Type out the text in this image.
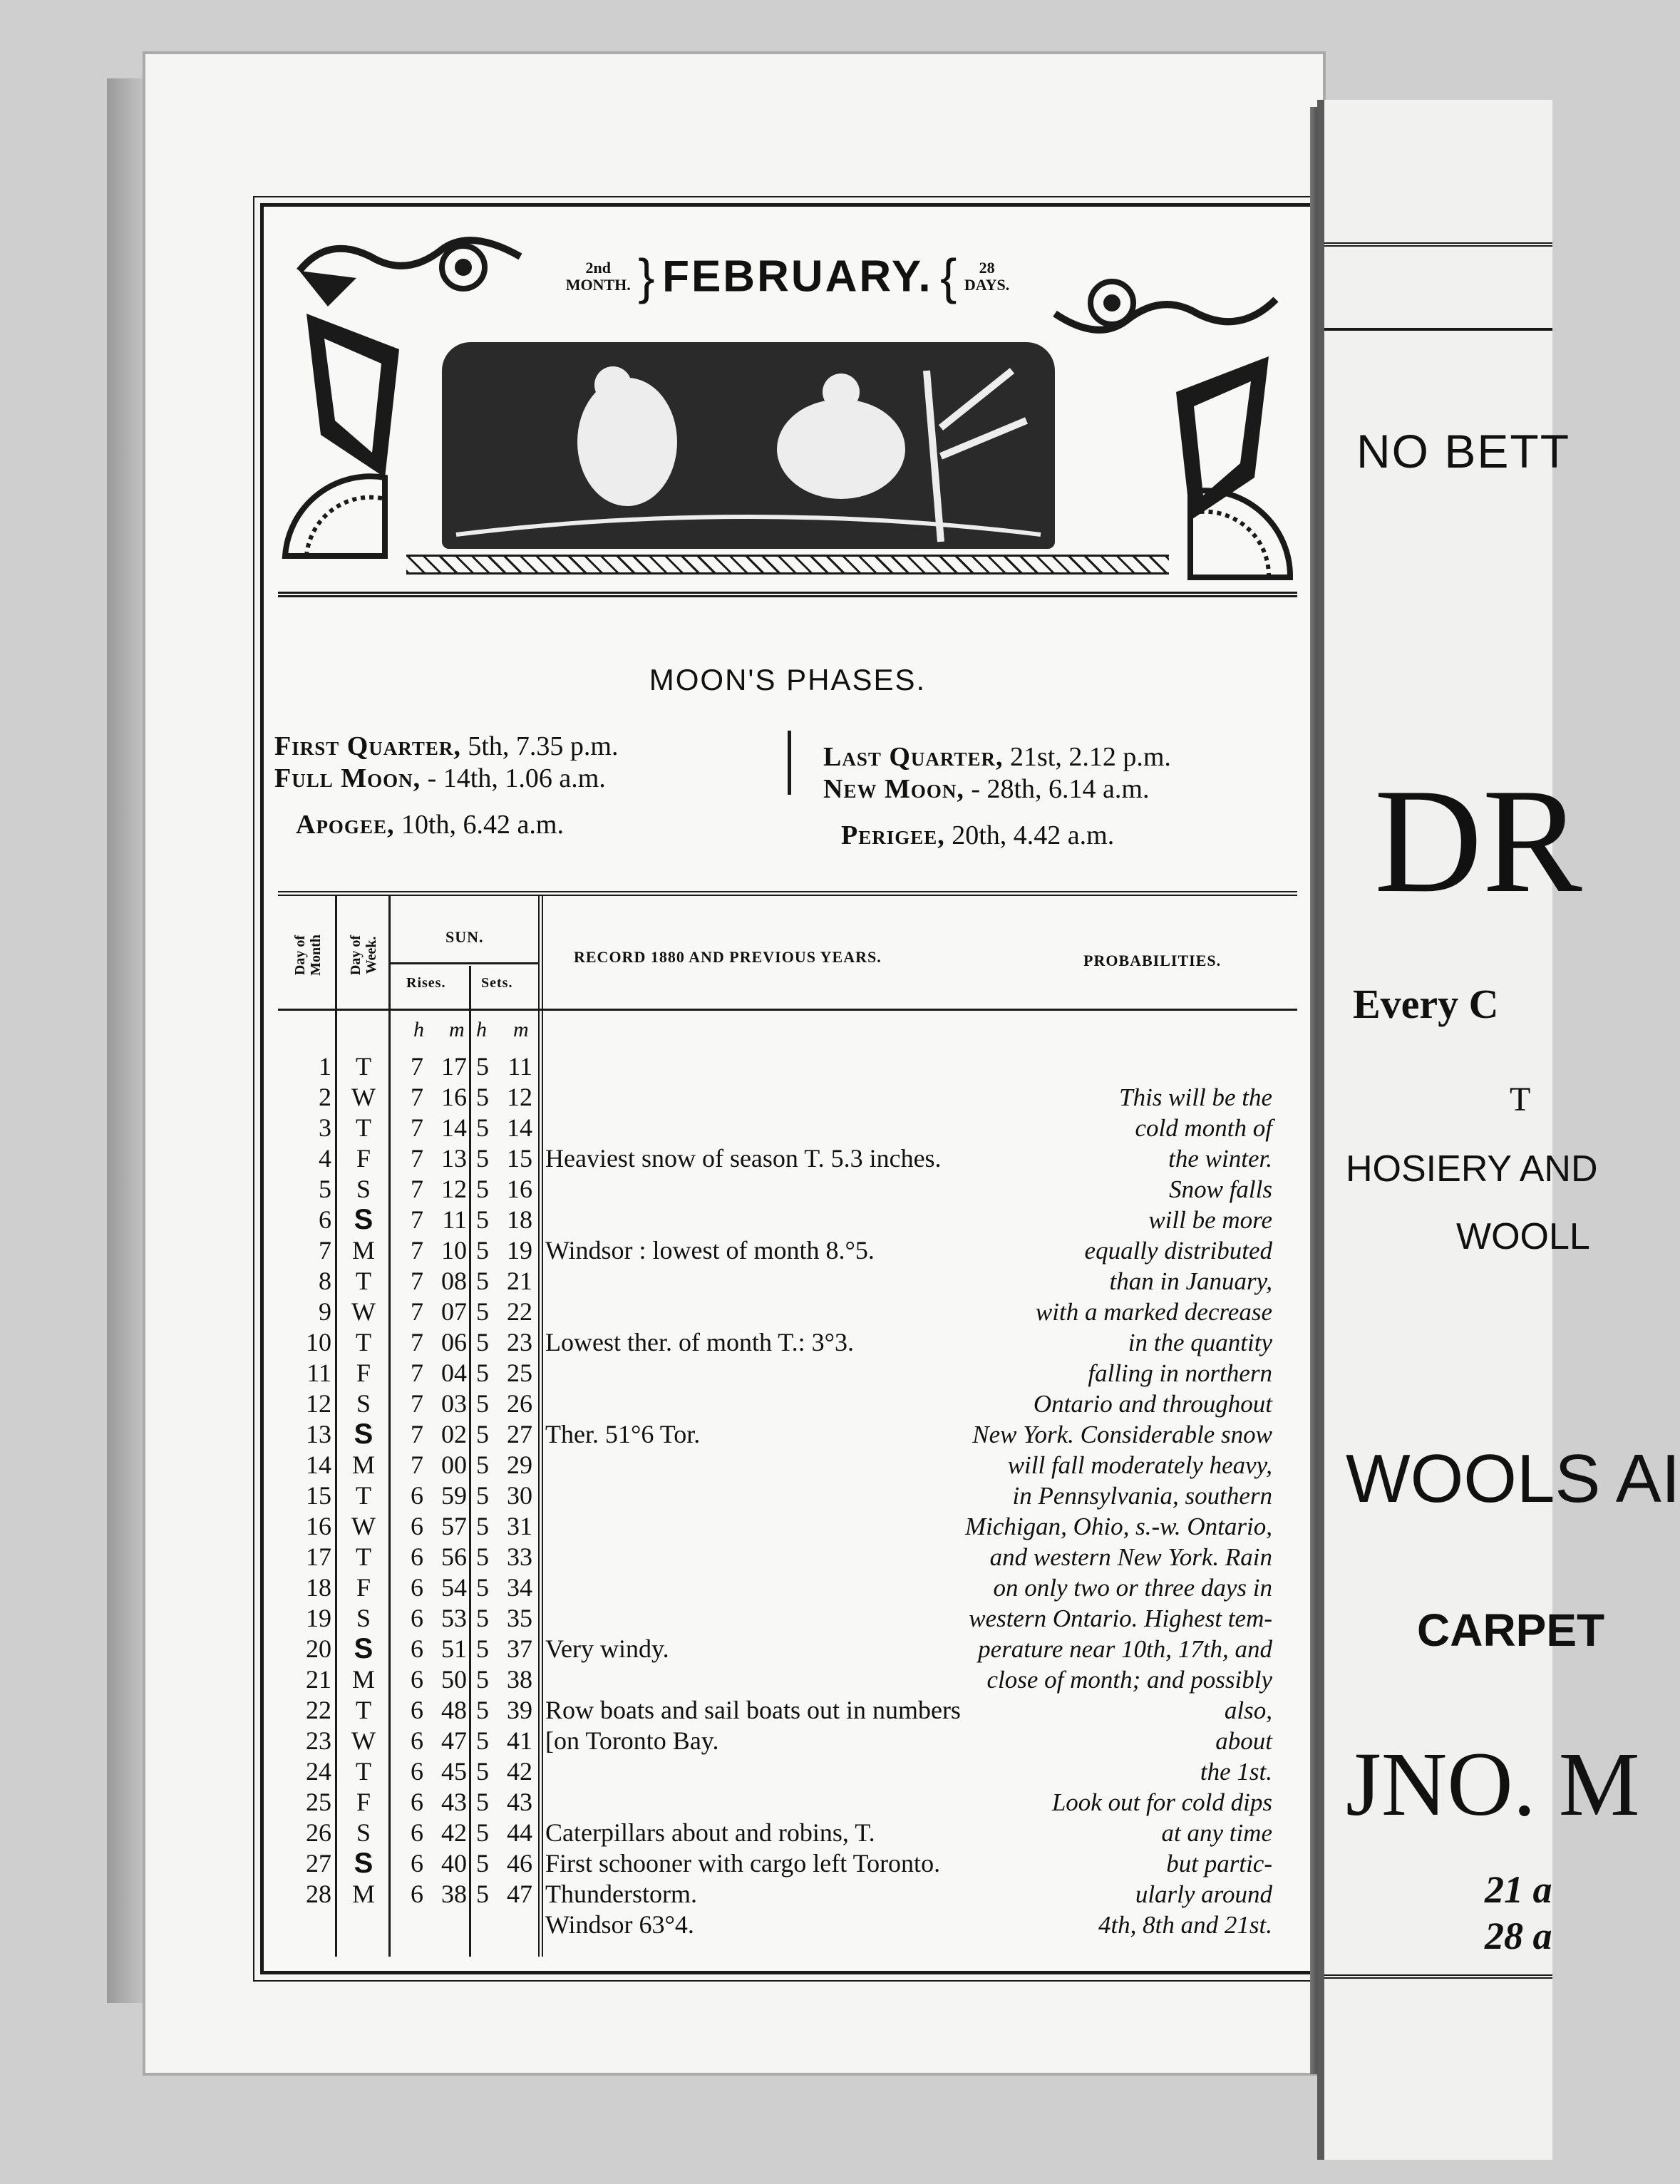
2nd
MONTH. } FEBRUARY. { 28
DAYS.
MOON'S PHASES.
First Quarter, 5th, 7.35 p.m.
Full Moon, - 14th, 1.06 a.m.
Apogee, 10th, 6.42 a.m.
Last Quarter, 21st, 2.12 p.m.
New Moon, - 28th, 6.14 a.m.
Perigee, 20th, 4.42 a.m.
Day of Month Day of Week.	SUN.
Rises. Sets.
RECORD 1880 AND PREVIOUS YEARS.	PROBABILITIES.
h m h m
1 T	7 17 5 11
2 W 7 16 5 12	This will be the
3 T	7 14 5 14	cold month of
4 F	7 13 5 15 Heaviest snow of season T. 5.3 inches.	the winter.
5 S	7 12 5 16	Snow falls
6 S	7 11 5 18	will be more
7 M 7 10 5 19 Windsor : lowest of month 8.°5.	equally distributed
8 T	7 08 5 21	than in January,
9 W 7 07 5 22	with a marked decrease
10 T	7 06 5 23 Lowest ther. of month T.: 3°3.	in the quantity
11 F	7 04 5 25	falling in northern
12 S	7 03 5 26	Ontario and throughout
13 S	7 02 5 27 Ther. 51°6 Tor.	New York. Considerable snow
14 M 7 00 5 29	will fall moderately heavy,
15 T	6 59 5 30	in Pennsylvania, southern
16 W 6 57 5 31	Michigan, Ohio, s.-w. Ontario,
17 T	6 56 5 33	and western New York. Rain
18 F	6 54 5 34	on only two or three days in
19 S	6 53 5 35	western Ontario. Highest tem-
20 S	6 51 5 37 Very windy.	perature near 10th, 17th, and
21 M 6 50 5 38	close of month; and possibly
22 T	6 48 5 39 Row boats and sail boats out in numbers	also,
23 W 6 47 5 41 [on Toronto Bay.	about
24 T	6 45 5 42	the 1st.
25 F	6 43 5 43	Look out for cold dips
26 S	6 42 5 44 Caterpillars about and robins, T.	at any time
27 S	6 40 5 46 First schooner with cargo left Toronto.	but partic-
28 M 6 38 5 47 Thunderstorm.	ularly around
Windsor 63°4.	4th, 8th and 21st.
NO BETT
DR
Every C
T
HOSIERY AND
WOOLL
WOOLS AI
CARPET
JNO. M
21 a
28 a
